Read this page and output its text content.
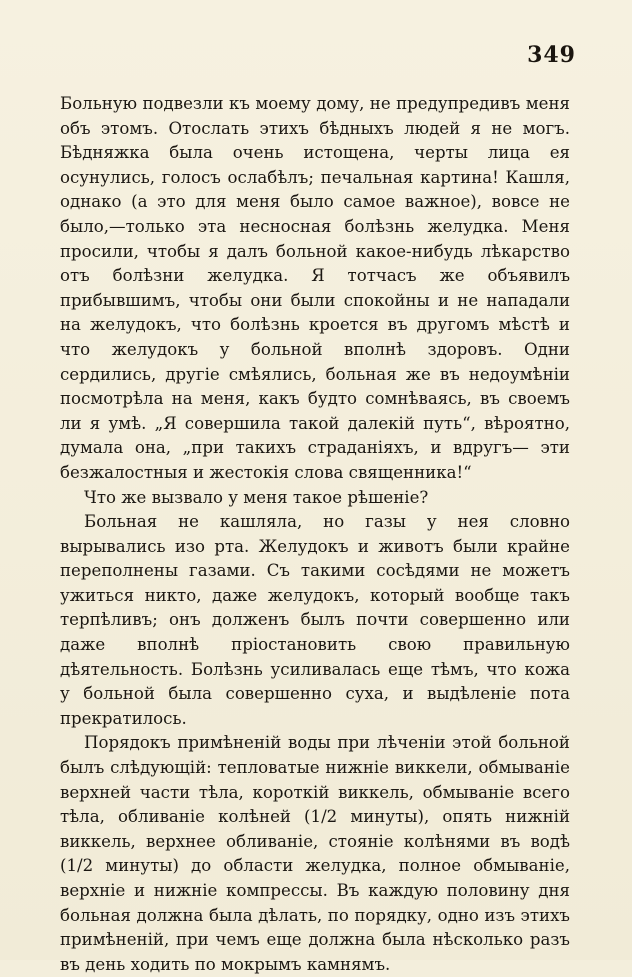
349

Больную подвезли къ моему дому, не предупредивъ меня объ этомъ. Отослать этихъ бѣдныхъ людей я не могъ. Бѣдняжка была очень истощена, черты лица ея осунулись, голосъ ослабѣлъ; печальная картина! Кашля, однако (а это для меня было самое важное), вовсе не было,—только эта несносная болѣзнь желудка. Меня просили, чтобы я далъ больной какое-нибудь лѣкарство отъ болѣзни желудка. Я тотчасъ же объявилъ прибывшимъ, чтобы они были спокойны и не нападали на желудокъ, что болѣзнь кроется въ другомъ мѣстѣ и что желудокъ у больной вполнѣ здоровъ. Одни сердились, другіе смѣялись, больная же въ недоумѣніи посмотрѣла на меня, какъ будто сомнѣваясь, въ своемъ ли я умѣ. „Я совершила такой далекій путь“, вѣроятно, думала она, „при такихъ страданіяхъ, и вдругъ— эти безжалостныя и жестокія слова священника!“

Что же вызвало у меня такое рѣшеніе?

Больная не кашляла, но газы у нея словно вырывались изо рта. Желудокъ и животъ были крайне переполнены газами. Съ такими сосѣдями не можетъ ужиться никто, даже желудокъ, который вообще такъ терпѣливъ; онъ долженъ былъ почти совершенно или даже вполнѣ пріостановить свою правильную дѣятельность. Болѣзнь усиливалась еще тѣмъ, что кожа у больной была совершенно суха, и выдѣленіе пота прекратилось.

Порядокъ примѣненій воды при лѣченіи этой больной былъ слѣдующій: тепловатые нижніе виккели, обмываніе верхней части тѣла, короткій виккель, обмываніе всего тѣла, обливаніе колѣней (1/2 минуты), опять нижній виккель, верхнее обливаніе, стояніе колѣнями въ водѣ (1/2 минуты) до области желудка, полное обмываніе, верхніе и нижніе компрессы. Въ каждую половину дня больная должна была дѣлать, по порядку, одно изъ этихъ примѣненій, при чемъ еще должна была нѣсколько разъ въ день ходить по мокрымъ камнямъ.
